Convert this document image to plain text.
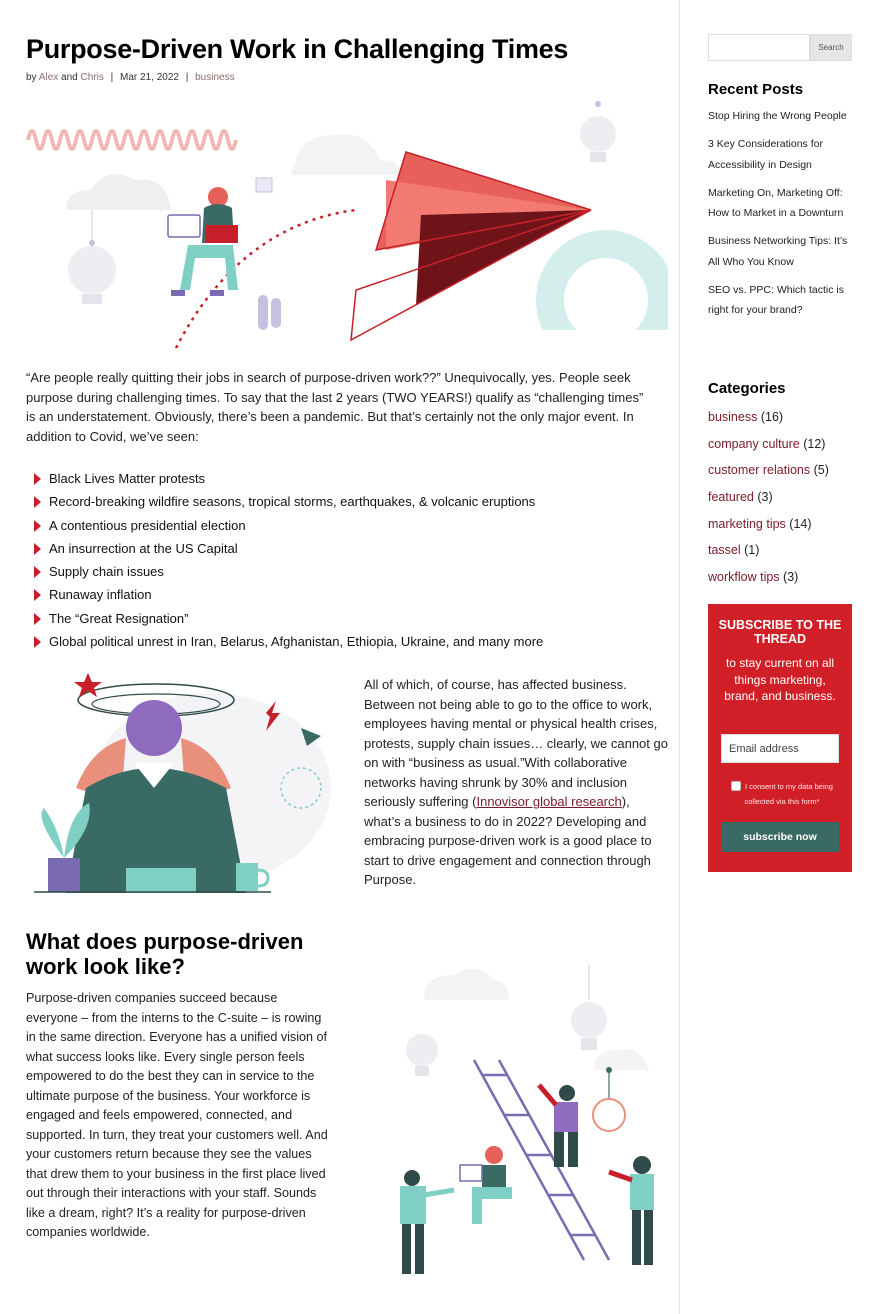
Purpose-Driven Work in Challenging Times
by Alex and Chris | Mar 21, 2022 | business

“Are people really quitting their jobs in search of purpose-driven work??” Unequivocally, yes. People seek purpose during challenging times. To say that the last 2 years (TWO YEARS!) qualify as “challenging times” is an understatement. Obviously, there’s been a pandemic. But that’s certainly not the only major event. In addition to Covid, we’ve seen:

Black Lives Matter protests
Record-breaking wildfire seasons, tropical storms, earthquakes, & volcanic eruptions
A contentious presidential election
An insurrection at the US Capital
Supply chain issues
Runaway inflation
The “Great Resignation”
Global political unrest in Iran, Belarus, Afghanistan, Ethiopia, Ukraine, and many more

All of which, of course, has affected business. Between not being able to go to the office to work, employees having mental or physical health crises, protests, supply chain issues… clearly, we cannot go on with “business as usual.”With collaborative networks having shrunk by 30% and inclusion seriously suffering (Innovisor global research), what’s a business to do in 2022? Developing and embracing purpose-driven work is a good place to start to drive engagement and connection through Purpose.

What does purpose-driven work look like?

Purpose-driven companies succeed because everyone – from the interns to the C-suite – is rowing in the same direction. Everyone has a unified vision of what success looks like. Every single person feels empowered to do the best they can in service to the ultimate purpose of the business. Your workforce is engaged and feels empowered, connected, and supported. In turn, they treat your customers well. And your customers return because they see the values that drew them to your business in the first place lived out through their interactions with your staff. Sounds like a dream, right? It’s a reality for purpose-driven companies worldwide.

Search
Recent Posts
Stop Hiring the Wrong People
3 Key Considerations for Accessibility in Design
Marketing On, Marketing Off: How to Market in a Downturn
Business Networking Tips: It’s All Who You Know
SEO vs. PPC: Which tactic is right for your brand?
Categories
business (16)
company culture (12)
customer relations (5)
featured (3)
marketing tips (14)
tassel (1)
workflow tips (3)
SUBSCRIBE TO THE THREAD
to stay current on all things marketing, brand, and business.
Email address
I consent to my data being collected via this form*
subscribe now
